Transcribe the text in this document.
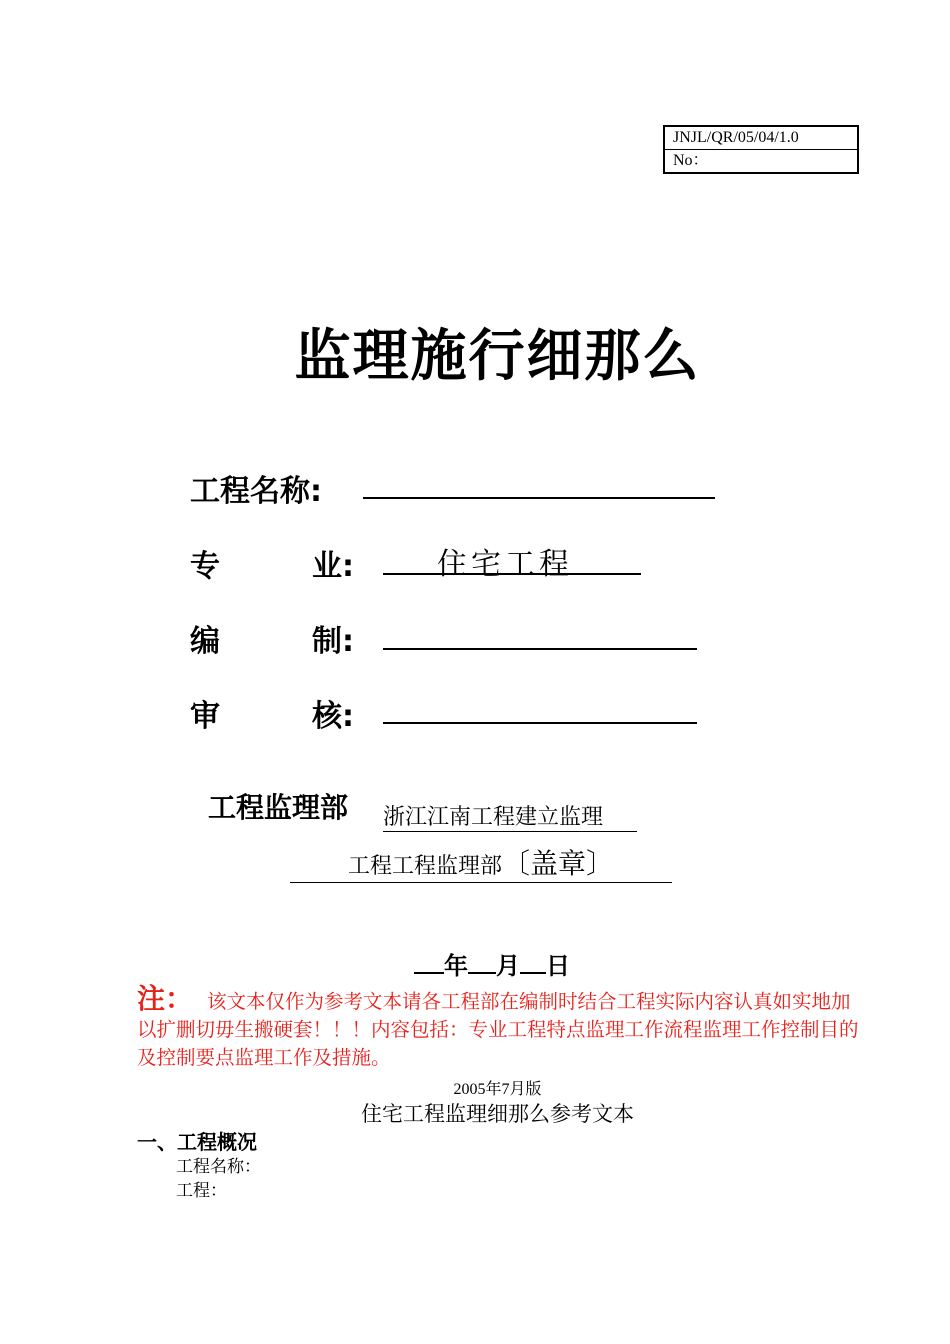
JNJL/QR/05/04/1.0
No：
监理施行细那么
工程名称:
专	业:	住宅工程
编	制:
审	核:
工程监理部 浙江江南工程建立监理
工程工程监理部〔盖章〕
年 月 日
注： 该文本仅作为参考文本请各工程部在编制时结合工程实际内容认真如实地加以扩删切毋生搬硬套！！！内容包括：专业工程特点监理工作流程监理工作控制目的及控制要点监理工作及措施。
2005年7月版
住宅工程监理细那么参考文本
一、工程概况
工程名称：
工程：
